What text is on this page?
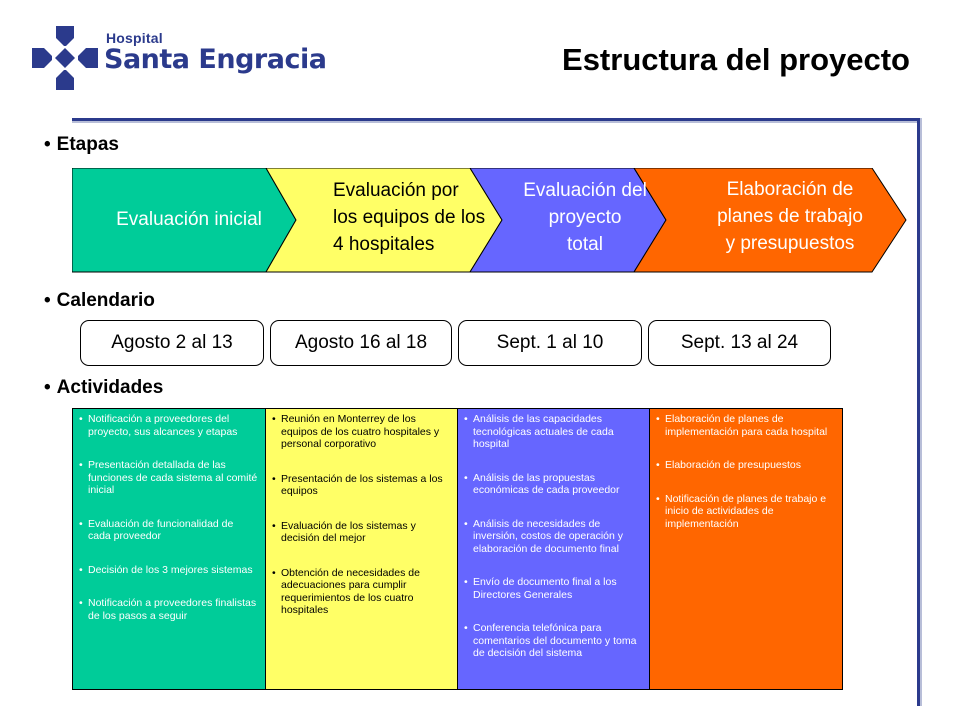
Hospital
Santa Engracia	Estructura del proyecto
• Etapas
Evaluación inicial
Evaluación por
los equipos de los
4 hospitales
Evaluación del
proyecto
total
Elaboración de
planes de trabajo
y presupuestos
• Calendario
Agosto 2 al 13	Agosto 16 al 18	Sept. 1 al 10	Sept. 13 al 24
• Actividades
• Notificación a proveedores del proyecto, sus alcances y etapas
• Presentación detallada de las funciones de cada sistema al comité inicial
• Evaluación de funcionalidad de cada proveedor
• Decisión de los 3 mejores sistemas
• Notificación a proveedores finalistas de los pasos a seguir
• Reunión en Monterrey de los equipos de los cuatro hospitales y personal corporativo
• Presentación de los sistemas a los equipos
• Evaluación de los sistemas y decisión del mejor
• Obtención de necesidades de adecuaciones para cumplir requerimientos de los cuatro hospitales
• Análisis de las capacidades tecnológicas actuales de cada hospital
• Análisis de las propuestas económicas de cada proveedor
• Análisis de necesidades de inversión, costos de operación y elaboración de documento final
• Envío de documento final a los Directores Generales
• Conferencia telefónica para comentarios del documento y toma de decisión del sistema
• Elaboración de planes de implementación para cada hospital
• Elaboración de presupuestos
• Notificación de planes de trabajo e inicio de actividades de implementación
